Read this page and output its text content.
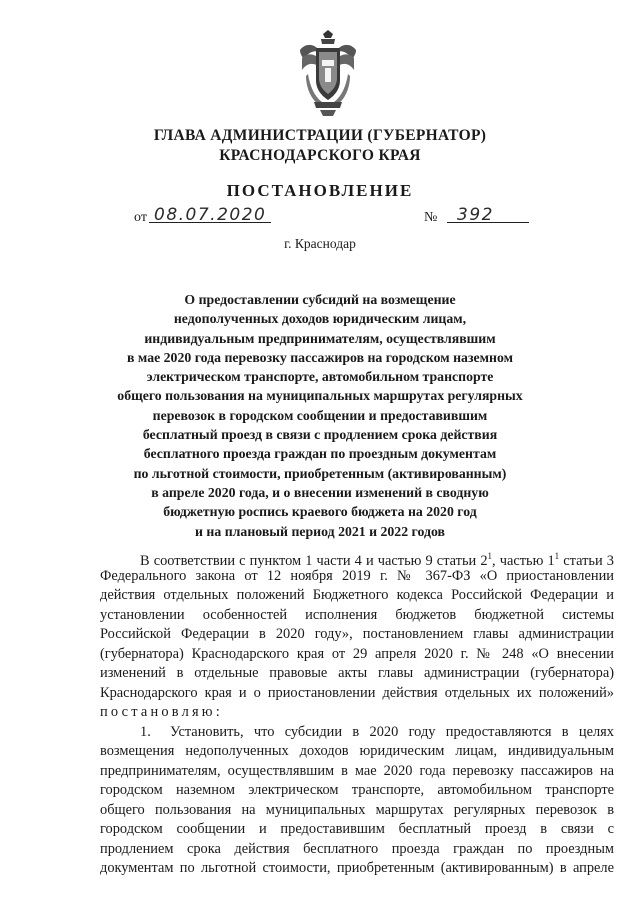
ГЛАВА АДМИНИСТРАЦИИ (ГУБЕРНАТОР)
КРАСНОДАРСКОГО КРАЯ
ПОСТАНОВЛЕНИЕ
от 08.07.2020	№ 392
г. Краснодар
О предоставлении субсидий на возмещение
недополученных доходов юридическим лицам,
индивидуальным предпринимателям, осуществлявшим
в мае 2020 года перевозку пассажиров на городском наземном
электрическом транспорте, автомобильном транспорте
общего пользования на муниципальных маршрутах регулярных
перевозок в городском сообщении и предоставившим
бесплатный проезд в связи с продлением срока действия
бесплатного проезда граждан по проездным документам
по льготной стоимости, приобретенным (активированным)
в апреле 2020 года, и о внесении изменений в сводную
бюджетную роспись краевого бюджета на 2020 год
и на плановый период 2021 и 2022 годов
В соответствии с пунктом 1 части 4 и частью 9 статьи $2^1$, частью $1^1$ статьи 3
Федерального закона от 12 ноября 2019 г. № 367-ФЗ «О приостановлении
действия отдельных положений Бюджетного кодекса Российской Федерации и
установлении особенностей исполнения бюджетов бюджетной системы
Российской Федерации в 2020 году», постановлением главы администрации
(губернатора) Краснодарского края от 29 апреля 2020 г. № 248 «О внесении
изменений в отдельные правовые акты главы администрации (губернатора)
Краснодарского края и о приостановлении действия отдельных их положений»
постановляю:
1. Установить, что субсидии в 2020 году предоставляются в целях
возмещения недополученных доходов юридическим лицам, индивидуальным
предпринимателям, осуществлявшим в мае 2020 года перевозку пассажиров на
городском наземном электрическом транспорте, автомобильном транспорте
общего пользования на муниципальных маршрутах регулярных перевозок в
городском сообщении и предоставившим бесплатный проезд в связи с
продлением срока действия бесплатного проезда граждан по проездным
документам по льготной стоимости, приобретенным (активированным) в апреле
